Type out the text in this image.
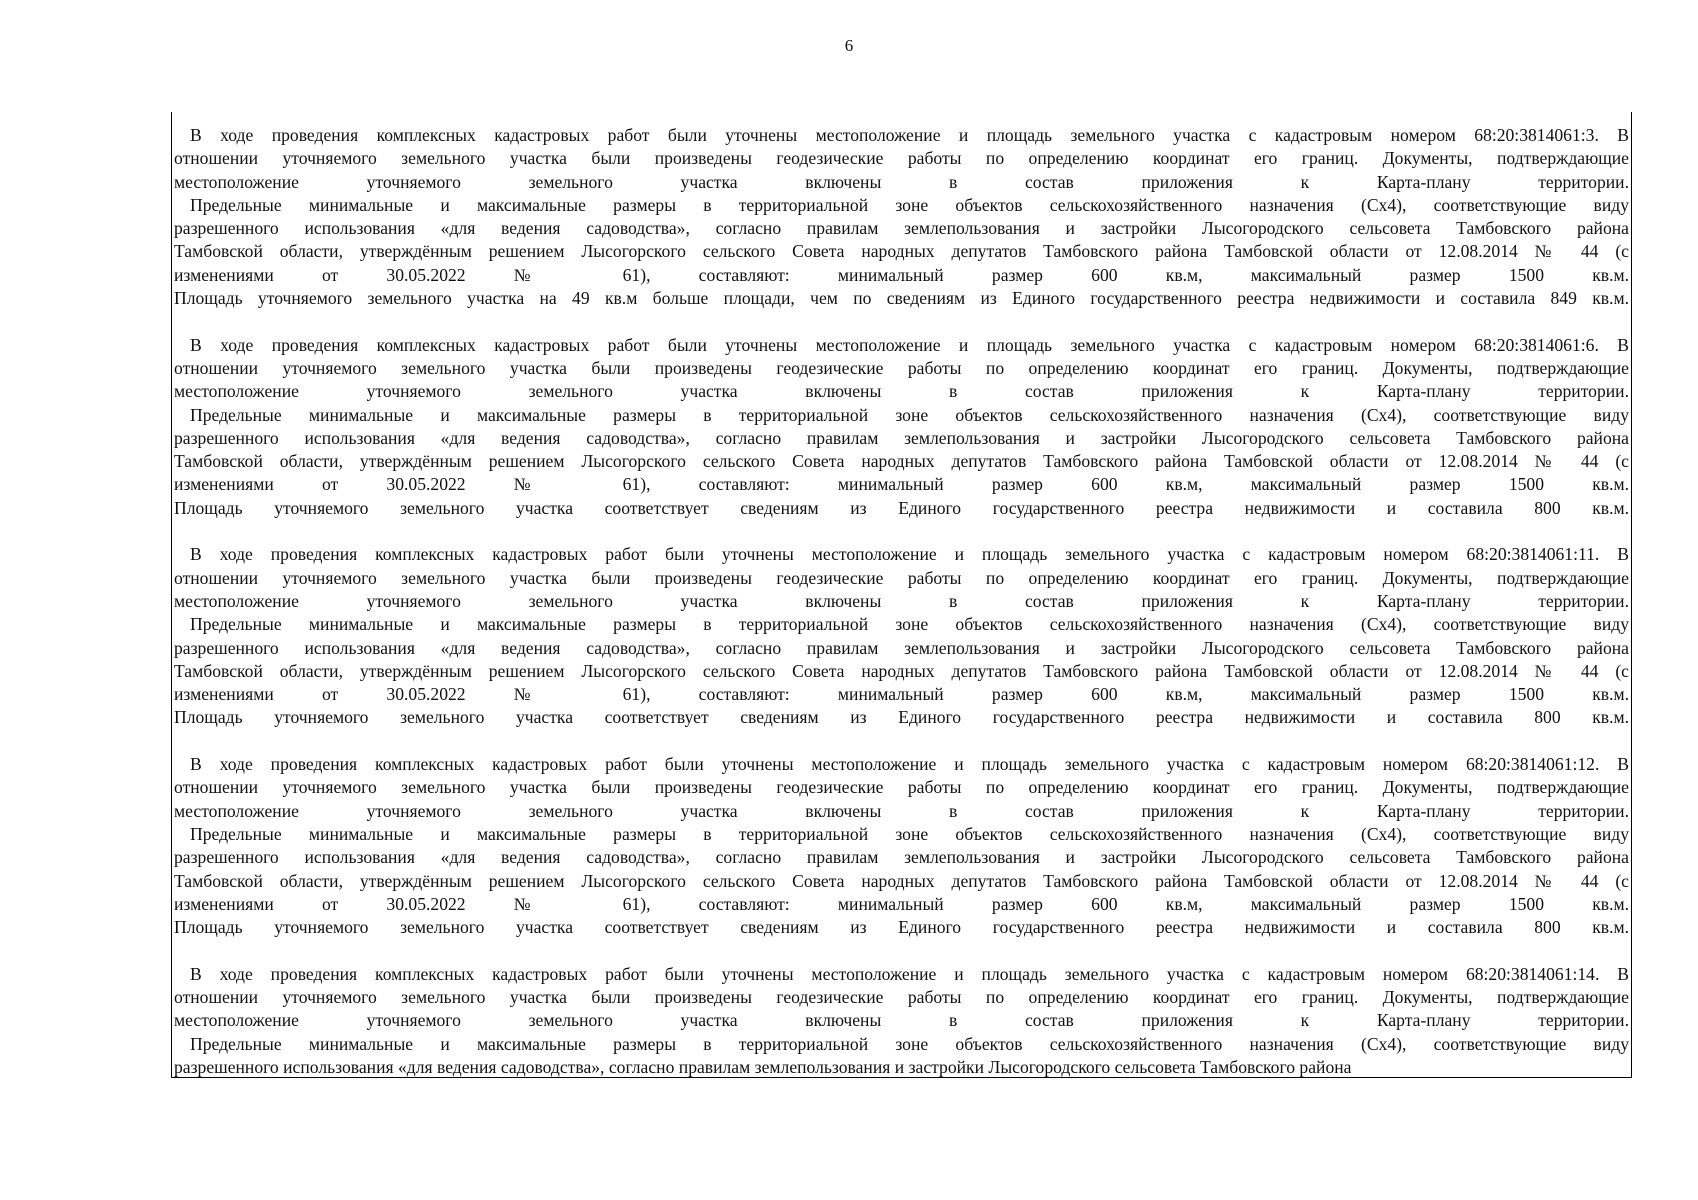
6
В ходе проведения комплексных кадастровых работ были уточнены местоположение и площадь земельного участка с кадастровым номером 68:20:3814061:3. В
отношении уточняемого земельного участка были произведены геодезические работы по определению координат его границ. Документы, подтверждающие
местоположение уточняемого земельного участка включены в состав приложения к Карта-плану территории.
Предельные минимальные и максимальные размеры в территориальной зоне объектов сельскохозяйственного назначения (Сх4), соответствующие виду
разрешенного использования «для ведения садоводства», согласно правилам землепользования и застройки Лысогородского сельсовета Тамбовского района
Тамбовской области, утверждённым решением Лысогорского сельского Совета народных депутатов Тамбовского района Тамбовской области от 12.08.2014 № 44 (с
изменениями от 30.05.2022 № 61), составляют: минимальный размер 600 кв.м, максимальный размер 1500 кв.м.
Площадь уточняемого земельного участка на 49 кв.м больше площади, чем по сведениям из Единого государственного реестра недвижимости и составила 849 кв.м.
В ходе проведения комплексных кадастровых работ были уточнены местоположение и площадь земельного участка с кадастровым номером 68:20:3814061:6. В
отношении уточняемого земельного участка были произведены геодезические работы по определению координат его границ. Документы, подтверждающие
местоположение уточняемого земельного участка включены в состав приложения к Карта-плану территории.
Предельные минимальные и максимальные размеры в территориальной зоне объектов сельскохозяйственного назначения (Сх4), соответствующие виду
разрешенного использования «для ведения садоводства», согласно правилам землепользования и застройки Лысогородского сельсовета Тамбовского района
Тамбовской области, утверждённым решением Лысогорского сельского Совета народных депутатов Тамбовского района Тамбовской области от 12.08.2014 № 44 (с
изменениями от 30.05.2022 № 61), составляют: минимальный размер 600 кв.м, максимальный размер 1500 кв.м.
Площадь уточняемого земельного участка соответствует сведениям из Единого государственного реестра недвижимости и составила 800 кв.м.
В ходе проведения комплексных кадастровых работ были уточнены местоположение и площадь земельного участка с кадастровым номером 68:20:3814061:11. В
отношении уточняемого земельного участка были произведены геодезические работы по определению координат его границ. Документы, подтверждающие
местоположение уточняемого земельного участка включены в состав приложения к Карта-плану территории.
Предельные минимальные и максимальные размеры в территориальной зоне объектов сельскохозяйственного назначения (Сх4), соответствующие виду
разрешенного использования «для ведения садоводства», согласно правилам землепользования и застройки Лысогородского сельсовета Тамбовского района
Тамбовской области, утверждённым решением Лысогорского сельского Совета народных депутатов Тамбовского района Тамбовской области от 12.08.2014 № 44 (с
изменениями от 30.05.2022 № 61), составляют: минимальный размер 600 кв.м, максимальный размер 1500 кв.м.
Площадь уточняемого земельного участка соответствует сведениям из Единого государственного реестра недвижимости и составила 800 кв.м.
В ходе проведения комплексных кадастровых работ были уточнены местоположение и площадь земельного участка с кадастровым номером 68:20:3814061:12. В
отношении уточняемого земельного участка были произведены геодезические работы по определению координат его границ. Документы, подтверждающие
местоположение уточняемого земельного участка включены в состав приложения к Карта-плану территории.
Предельные минимальные и максимальные размеры в территориальной зоне объектов сельскохозяйственного назначения (Сх4), соответствующие виду
разрешенного использования «для ведения садоводства», согласно правилам землепользования и застройки Лысогородского сельсовета Тамбовского района
Тамбовской области, утверждённым решением Лысогорского сельского Совета народных депутатов Тамбовского района Тамбовской области от 12.08.2014 № 44 (с
изменениями от 30.05.2022 № 61), составляют: минимальный размер 600 кв.м, максимальный размер 1500 кв.м.
Площадь уточняемого земельного участка соответствует сведениям из Единого государственного реестра недвижимости и составила 800 кв.м.
В ходе проведения комплексных кадастровых работ были уточнены местоположение и площадь земельного участка с кадастровым номером 68:20:3814061:14. В
отношении уточняемого земельного участка были произведены геодезические работы по определению координат его границ. Документы, подтверждающие
местоположение уточняемого земельного участка включены в состав приложения к Карта-плану территории.
Предельные минимальные и максимальные размеры в территориальной зоне объектов сельскохозяйственного назначения (Сх4), соответствующие виду
разрешенного использования «для ведения садоводства», согласно правилам землепользования и застройки Лысогородского сельсовета Тамбовского района
